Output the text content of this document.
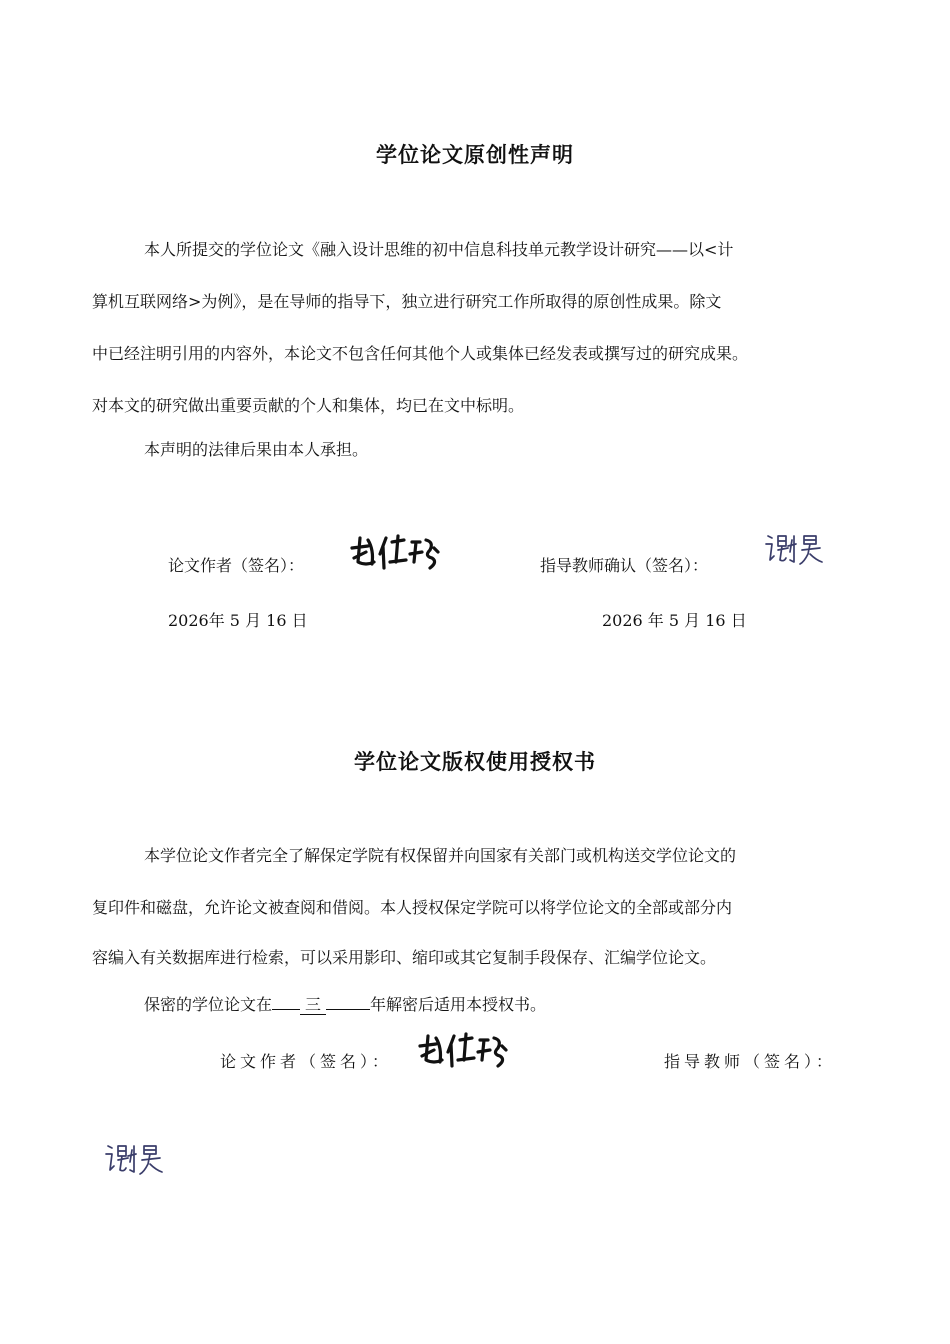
学位论文原创性声明
本人所提交的学位论文《融入设计思维的初中信息科技单元教学设计研究——以<计
算机互联网络>为例》，是在导师的指导下，独立进行研究工作所取得的原创性成果。除文
中已经注明引用的内容外，本论文不包含任何其他个人或集体已经发表或撰写过的研究成果。
对本文的研究做出重要贡献的个人和集体，均已在文中标明。
本声明的法律后果由本人承担。
论文作者（签名）：	指导教师确认（签名）：
2026年 5 月 16 日	2026 年 5 月 16 日
学位论文版权使用授权书
本学位论文作者完全了解保定学院有权保留并向国家有关部门或机构送交学位论文的
复印件和磁盘，允许论文被查阅和借阅。本人授权保定学院可以将学位论文的全部或部分内
容编入有关数据库进行检索，可以采用影印、缩印或其它复制手段保存、汇编学位论文。
保密的学位论文在 三	年解密后适用本授权书。
论文作者（签名）：	指导教师（签名）：
